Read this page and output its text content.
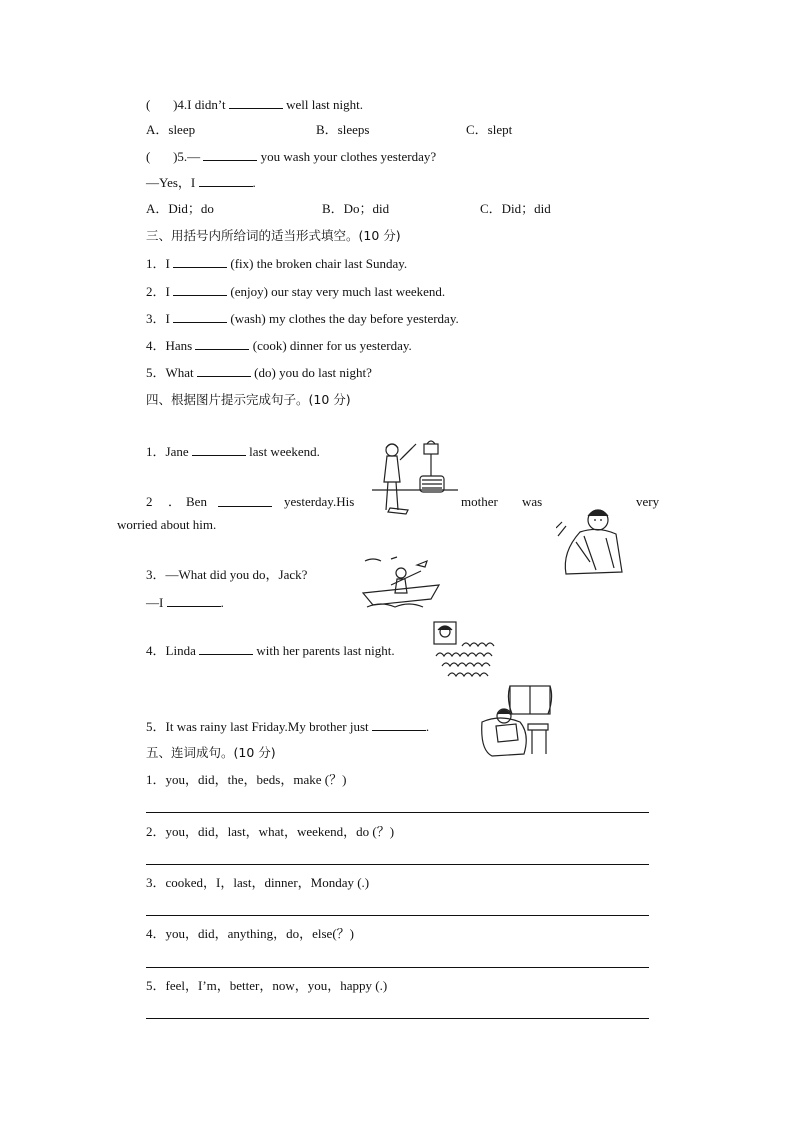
(       )4.I didn’t	well last night.
A．sleep	B．sleeps	C．slept
(       )5.—	you wash your clothes yesterday?
—Yes，I	.
A．Did；do	B．Do；did	C．Did；did
三、用括号内所给词的适当形式填空。(10 分)
1．I	(fix) the broken chair last Sunday.
2．I	(enjoy) our stay very much last weekend.
3．I	(wash) my clothes the day before yesterday.
4．Hans	(cook) dinner for us yesterday.
5．What	(do) you do last night?
四、根据图片提示完成句子。(10 分)
1．Jane	last weekend.
2 ． Ben	yesterday.His	mother was	very
worried about him.
3．—What did you do，Jack?
—I	.
4．Linda	with her parents last night.
5．It was rainy last Friday.My brother just	.
五、连词成句。(10 分)
1．you，did，the，beds，make (？)
2．you，did，last，what，weekend，do (？)
3．cooked，I，last，dinner，Monday (.)
4．you，did，anything，do，else(？)
5．feel，I’m，better，now，you，happy (.)
